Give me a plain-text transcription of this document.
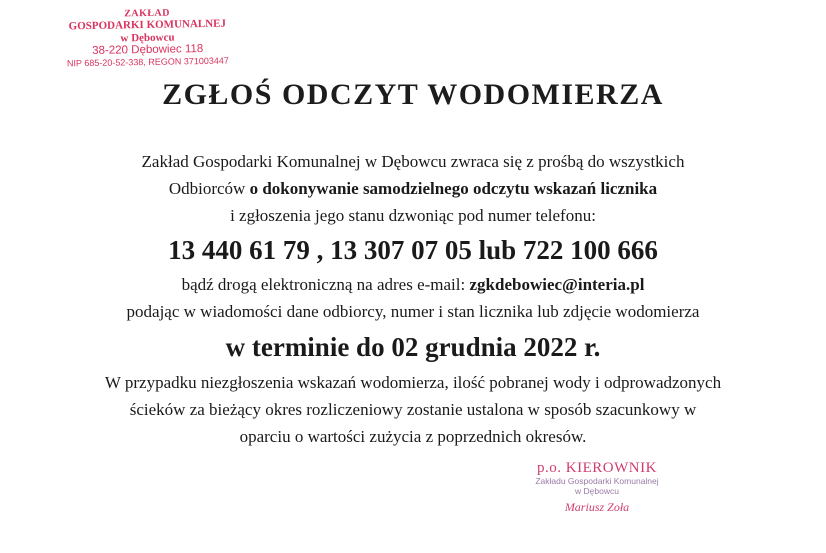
ZAKŁAD
GOSPODARKI KOMUNALNEJ
w Dębowcu
38-220 Dębowiec 118
NIP 685-20-52-338, REGON 371003447
ZGŁOŚ ODCZYT WODOMIERZA

Zakład Gospodarki Komunalnej w Dębowcu zwraca się z prośbą do wszystkich

Odbiorców o dokonywanie samodzielnego odczytu wskazań licznika

i zgłoszenia jego stanu dzwoniąc pod numer telefonu:

13 440 61 79 , 13 307 07 05 lub 722 100 666

bądź drogą elektroniczną na adres e-mail: zgkdebowiec@interia.pl

podając w wiadomości dane odbiorcy, numer i stan licznika lub zdjęcie wodomierza

w terminie do 02 grudnia 2022 r.

W przypadku niezgłoszenia wskazań wodomierza, ilość pobranej wody i odprowadzonych

ścieków za bieżący okres rozliczeniowy zostanie ustalona w sposób szacunkowy w

oparciu o wartości zużycia z poprzednich okresów.

p.o. KIEROWNIK
Zakładu Gospodarki Komunalnej
w Dębowcu
Mariusz Zoła
